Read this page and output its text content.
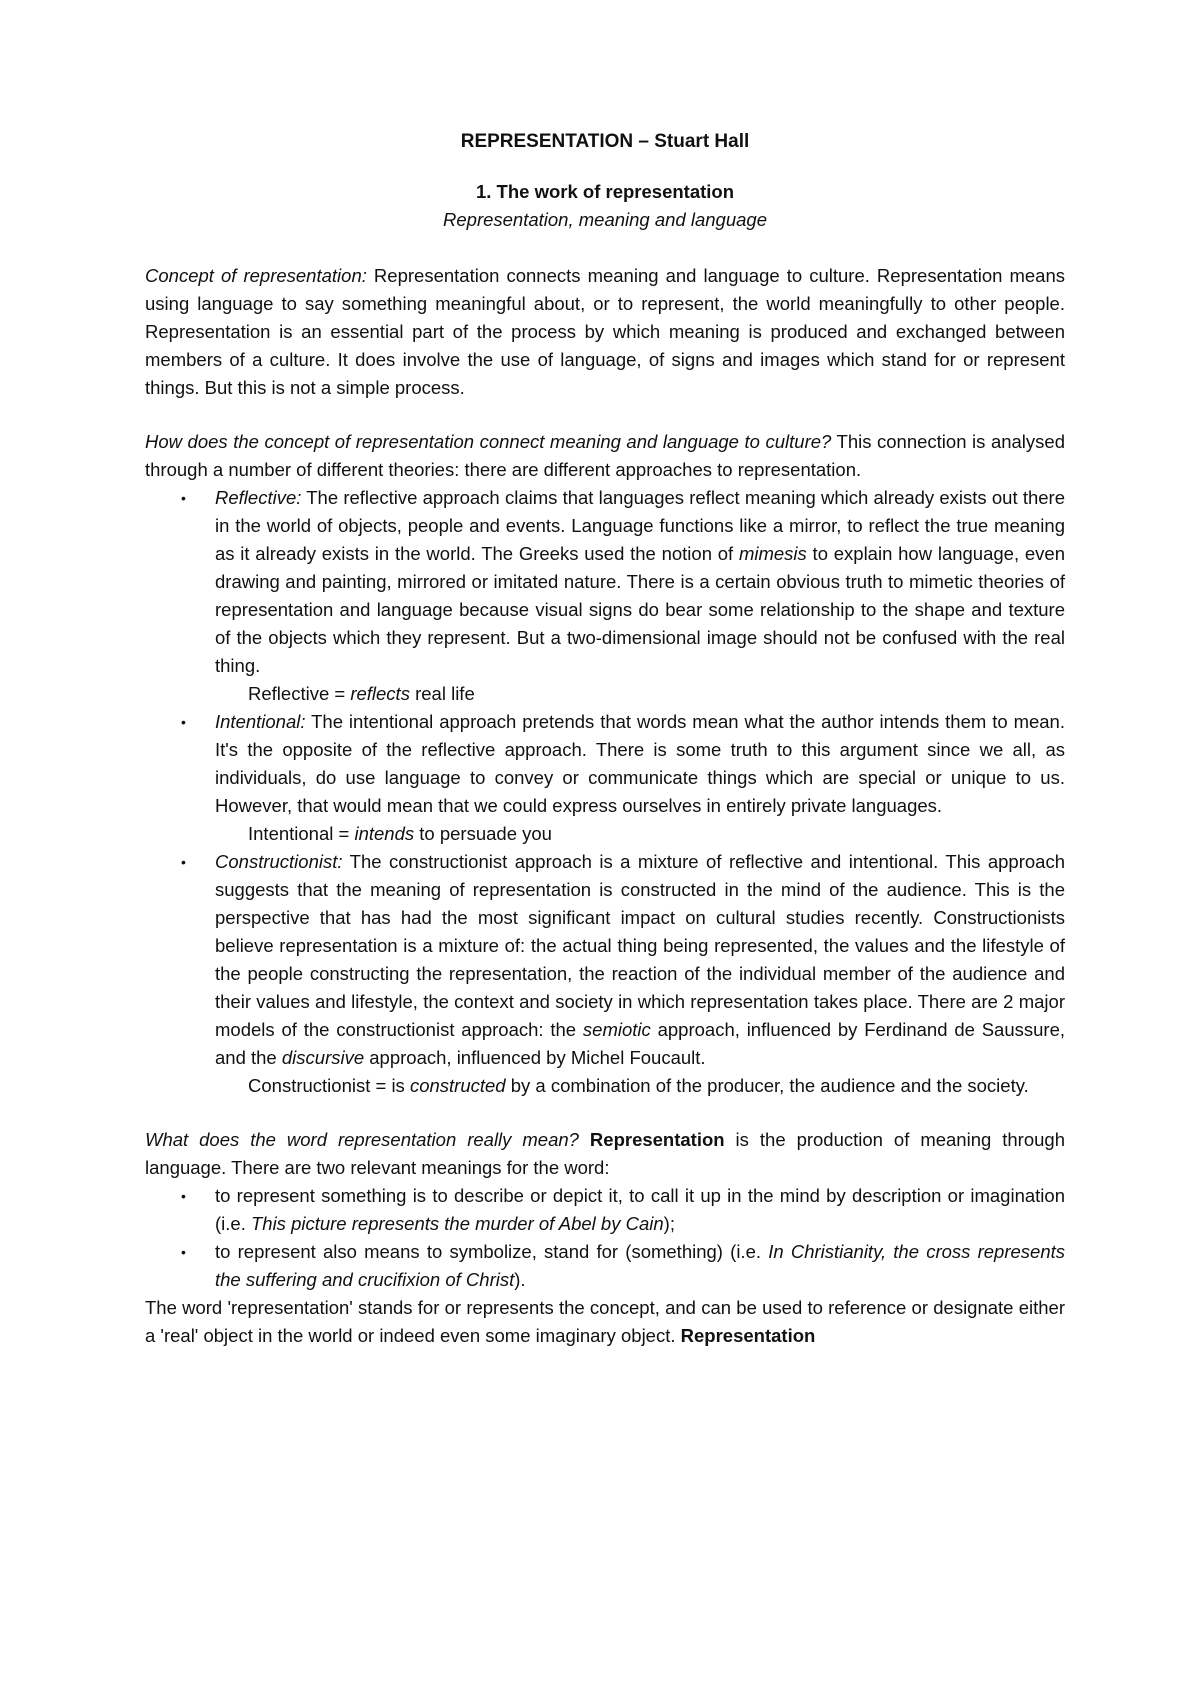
REPRESENTATION – Stuart Hall
1. The work of representation
Representation, meaning and language

Concept of representation: Representation connects meaning and language to culture. Representation means using language to say something meaningful about, or to represent, the world meaningfully to other people. Representation is an essential part of the process by which meaning is produced and exchanged between members of a culture. It does involve the use of language, of signs and images which stand for or represent things. But this is not a simple process.

How does the concept of representation connect meaning and language to culture? This connection is analysed through a number of different theories: there are different approaches to representation.

•	Reflective: The reflective approach claims that languages reflect meaning which already exists out there in the world of objects, people and events. Language functions like a mirror, to reflect the true meaning as it already exists in the world. The Greeks used the notion of mimesis to explain how language, even drawing and painting, mirrored or imitated nature. There is a certain obvious truth to mimetic theories of representation and language because visual signs do bear some relationship to the shape and texture of the objects which they represent. But a two-dimensional image should not be confused with the real thing.
Reflective = reflects real life
•	Intentional: The intentional approach pretends that words mean what the author intends them to mean. It's the opposite of the reflective approach. There is some truth to this argument since we all, as individuals, do use language to convey or communicate things which are special or unique to us. However, that would mean that we could express ourselves in entirely private languages.
Intentional = intends to persuade you
•	Constructionist: The constructionist approach is a mixture of reflective and intentional. This approach suggests that the meaning of representation is constructed in the mind of the audience. This is the perspective that has had the most significant impact on cultural studies recently. Constructionists believe representation is a mixture of: the actual thing being represented, the values and the lifestyle of the people constructing the representation, the reaction of the individual member of the audience and their values and lifestyle, the context and society in which representation takes place. There are 2 major models of the constructionist approach: the semiotic approach, influenced by Ferdinand de Saussure, and the discursive approach, influenced by Michel Foucault.

Constructionist = is constructed by a combination of the producer, the audience and the society.

What does the word representation really mean? Representation is the production of meaning through language. There are two relevant meanings for the word:

•	to represent something is to describe or depict it, to call it up in the mind by description or imagination (i.e. This picture represents the murder of Abel by Cain);
•	to represent also means to symbolize, stand for (something) (i.e. In Christianity, the cross represents the suffering and crucifixion of Christ).

The word 'representation' stands for or represents the concept, and can be used to reference or designate either a 'real' object in the world or indeed even some imaginary object. Representation
